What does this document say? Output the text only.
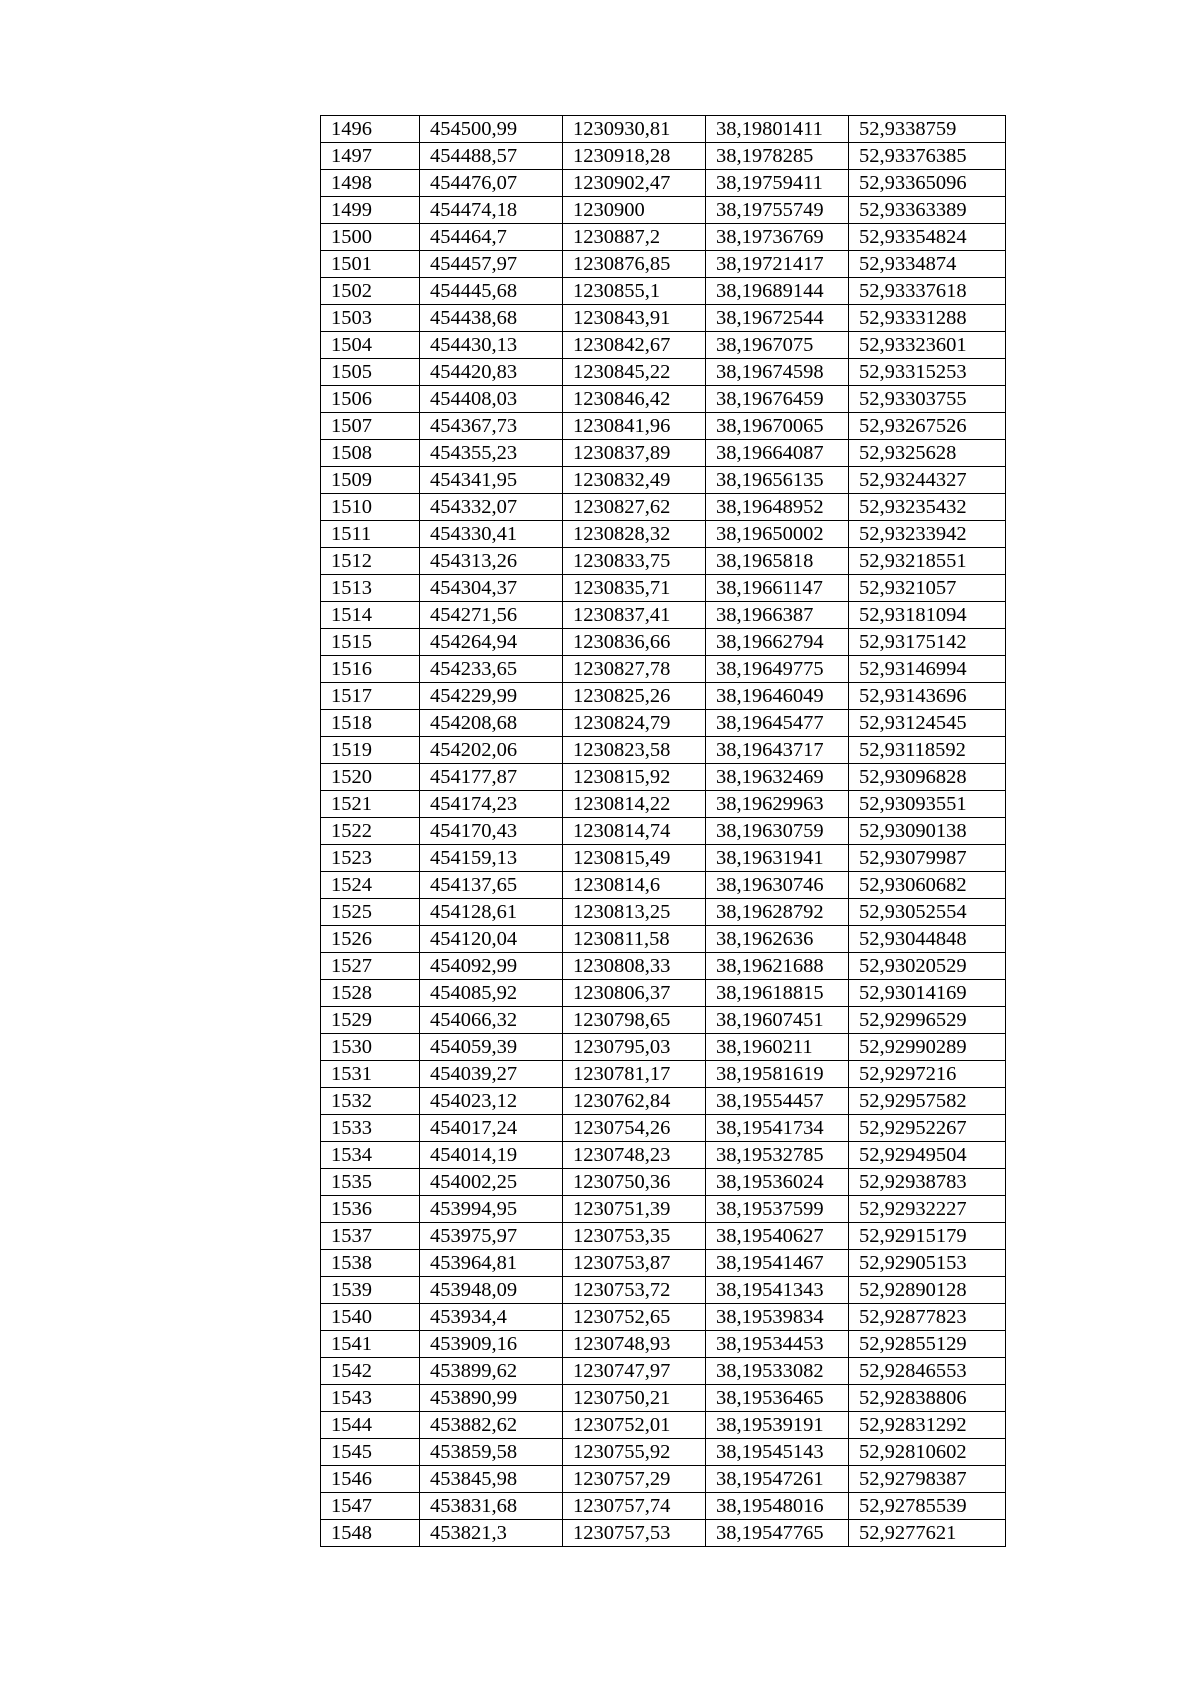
1496	454500,99	1230930,81	38,19801411	52,9338759
1497	454488,57	1230918,28	38,1978285	52,93376385
1498	454476,07	1230902,47	38,19759411	52,93365096
1499	454474,18	1230900	38,19755749	52,93363389
1500	454464,7	1230887,2	38,19736769	52,93354824
1501	454457,97	1230876,85	38,19721417	52,9334874
1502	454445,68	1230855,1	38,19689144	52,93337618
1503	454438,68	1230843,91	38,19672544	52,93331288
1504	454430,13	1230842,67	38,1967075	52,93323601
1505	454420,83	1230845,22	38,19674598	52,93315253
1506	454408,03	1230846,42	38,19676459	52,93303755
1507	454367,73	1230841,96	38,19670065	52,93267526
1508	454355,23	1230837,89	38,19664087	52,9325628
1509	454341,95	1230832,49	38,19656135	52,93244327
1510	454332,07	1230827,62	38,19648952	52,93235432
1511	454330,41	1230828,32	38,19650002	52,93233942
1512	454313,26	1230833,75	38,1965818	52,93218551
1513	454304,37	1230835,71	38,19661147	52,9321057
1514	454271,56	1230837,41	38,1966387	52,93181094
1515	454264,94	1230836,66	38,19662794	52,93175142
1516	454233,65	1230827,78	38,19649775	52,93146994
1517	454229,99	1230825,26	38,19646049	52,93143696
1518	454208,68	1230824,79	38,19645477	52,93124545
1519	454202,06	1230823,58	38,19643717	52,93118592
1520	454177,87	1230815,92	38,19632469	52,93096828
1521	454174,23	1230814,22	38,19629963	52,93093551
1522	454170,43	1230814,74	38,19630759	52,93090138
1523	454159,13	1230815,49	38,19631941	52,93079987
1524	454137,65	1230814,6	38,19630746	52,93060682
1525	454128,61	1230813,25	38,19628792	52,93052554
1526	454120,04	1230811,58	38,1962636	52,93044848
1527	454092,99	1230808,33	38,19621688	52,93020529
1528	454085,92	1230806,37	38,19618815	52,93014169
1529	454066,32	1230798,65	38,19607451	52,92996529
1530	454059,39	1230795,03	38,1960211	52,92990289
1531	454039,27	1230781,17	38,19581619	52,9297216
1532	454023,12	1230762,84	38,19554457	52,92957582
1533	454017,24	1230754,26	38,19541734	52,92952267
1534	454014,19	1230748,23	38,19532785	52,92949504
1535	454002,25	1230750,36	38,19536024	52,92938783
1536	453994,95	1230751,39	38,19537599	52,92932227
1537	453975,97	1230753,35	38,19540627	52,92915179
1538	453964,81	1230753,87	38,19541467	52,92905153
1539	453948,09	1230753,72	38,19541343	52,92890128
1540	453934,4	1230752,65	38,19539834	52,92877823
1541	453909,16	1230748,93	38,19534453	52,92855129
1542	453899,62	1230747,97	38,19533082	52,92846553
1543	453890,99	1230750,21	38,19536465	52,92838806
1544	453882,62	1230752,01	38,19539191	52,92831292
1545	453859,58	1230755,92	38,19545143	52,92810602
1546	453845,98	1230757,29	38,19547261	52,92798387
1547	453831,68	1230757,74	38,19548016	52,92785539
1548	453821,3	1230757,53	38,19547765	52,9277621
